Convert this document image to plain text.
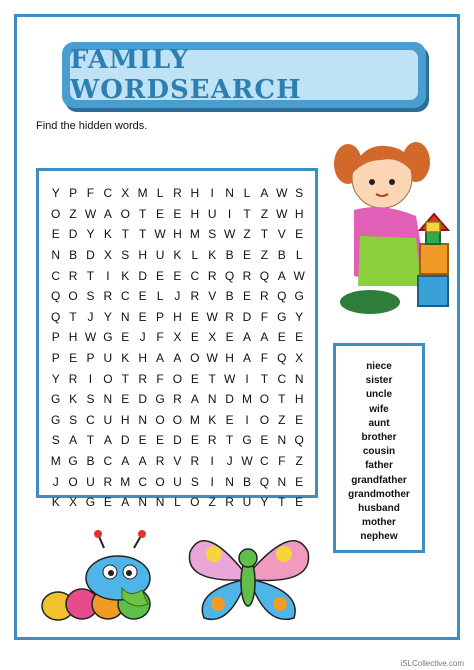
FAMILY WORDSEARCH
Find the hidden words.
Y P F C X M L R H I N L A W S
O Z W A O T E E H U I	T Z W H
E D Y K T T W H M S W Z T V E
N B D X S H U K L K B E Z B L
C R T	I K D E E C R Q R Q A W
Q O S R C E L J R V B E R Q G
Q T J Y N E P H E W R D F G Y
P H W G E J F X E X E A A E E
P E P U K H A A O W H A F Q X
Y R I O T R F O E T W I	T C N
G K S N E D G R A N D M O T H
G S C U H N O O M K E I O Z E
S A T A D E E D E R T G E N Q
M G B C A A R V R I	J W C F Z
J O U R M C O U S I N B Q N E
K X G E A N N L O Z R U Y T E
niece
sister
uncle
wife
aunt
brother
cousin
father
grandfather
grandmother
husband
mother
nephew
iSLCollective.com
